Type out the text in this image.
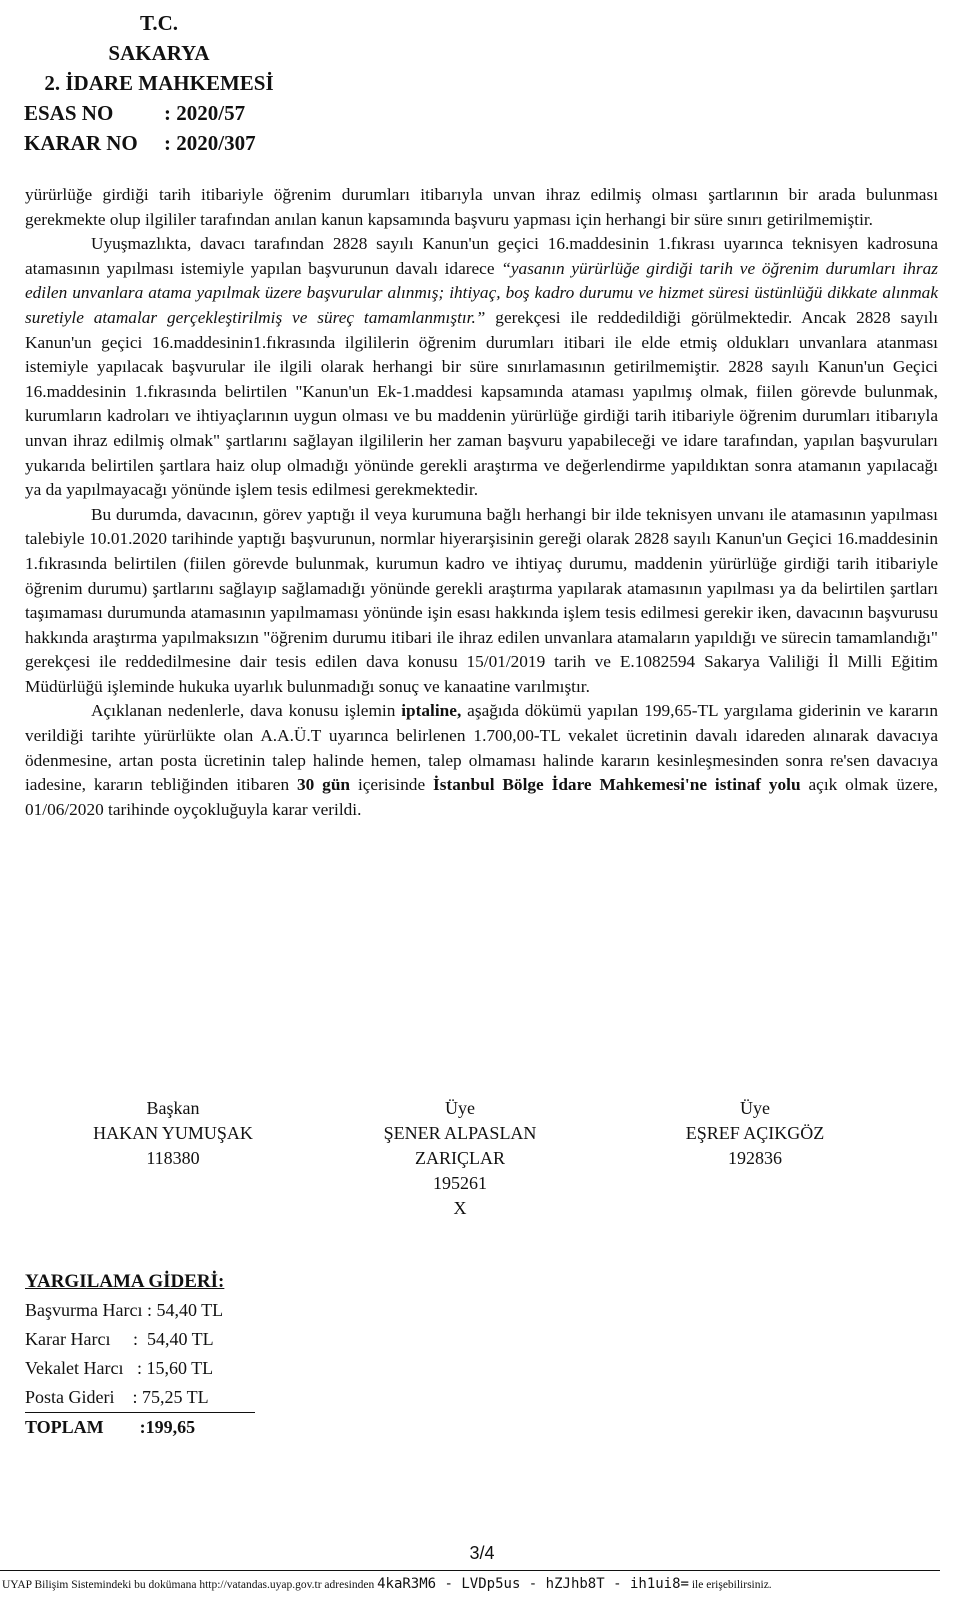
T.C.
SAKARYA
2. İDARE MAHKEMESİ
ESAS NO : 2020/57
KARAR NO : 2020/307

yürürlüğe girdiği tarih itibariyle öğrenim durumları itibarıyla unvan ihraz edilmiş olması şartlarının bir arada bulunması gerekmekte olup ilgililer tarafından anılan kanun kapsamında başvuru yapması için herhangi bir süre sınırı getirilmemiştir.

Uyuşmazlıkta, davacı tarafından 2828 sayılı Kanun'un geçici 16.maddesinin 1.fıkrası uyarınca teknisyen kadrosuna atamasının yapılması istemiyle yapılan başvurunun davalı idarece “yasanın yürürlüğe girdiği tarih ve öğrenim durumları ihraz edilen unvanlara atama yapılmak üzere başvurular alınmış; ihtiyaç, boş kadro durumu ve hizmet süresi üstünlüğü dikkate alınmak suretiyle atamalar gerçekleştirilmiş ve süreç tamamlanmıştır.” gerekçesi ile reddedildiği görülmektedir. Ancak 2828 sayılı Kanun'un geçici 16.maddesinin1.fıkrasında ilgililerin öğrenim durumları itibari ile elde etmiş oldukları unvanlara atanması istemiyle yapılacak başvurular ile ilgili olarak herhangi bir süre sınırlamasının getirilmemiştir. 2828 sayılı Kanun'un Geçici 16.maddesinin 1.fıkrasında belirtilen "Kanun'un Ek-1.maddesi kapsamında ataması yapılmış olmak, fiilen görevde bulunmak, kurumların kadroları ve ihtiyaçlarının uygun olması ve bu maddenin yürürlüğe girdiği tarih itibariyle öğrenim durumları itibarıyla unvan ihraz edilmiş olmak" şartlarını sağlayan ilgililerin her zaman başvuru yapabileceği ve idare tarafından, yapılan başvuruları yukarıda belirtilen şartlara haiz olup olmadığı yönünde gerekli araştırma ve değerlendirme yapıldıktan sonra atamanın yapılacağı ya da yapılmayacağı yönünde işlem tesis edilmesi gerekmektedir.

Bu durumda, davacının, görev yaptığı il veya kurumuna bağlı herhangi bir ilde teknisyen unvanı ile atamasının yapılması talebiyle 10.01.2020 tarihinde yaptığı başvurunun, normlar hiyerarşisinin gereği olarak 2828 sayılı Kanun'un Geçici 16.maddesinin 1.fıkrasında belirtilen (fiilen görevde bulunmak, kurumun kadro ve ihtiyaç durumu, maddenin yürürlüğe girdiği tarih itibariyle öğrenim durumu) şartlarını sağlayıp sağlamadığı yönünde gerekli araştırma yapılarak atamasının yapılması ya da belirtilen şartları taşımaması durumunda atamasının yapılmaması yönünde işin esası hakkında işlem tesis edilmesi gerekir iken, davacının başvurusu hakkında araştırma yapılmaksızın "öğrenim durumu itibari ile ihraz edilen unvanlara atamaların yapıldığı ve sürecin tamamlandığı" gerekçesi ile reddedilmesine dair tesis edilen dava konusu 15/01/2019 tarih ve E.1082594 Sakarya Valiliği İl Milli Eğitim Müdürlüğü işleminde hukuka uyarlık bulunmadığı sonuç ve kanaatine varılmıştır.

Açıklanan nedenlerle, dava konusu işlemin iptaline, aşağıda dökümü yapılan 199,65-TL yargılama giderinin ve kararın verildiği tarihte yürürlükte olan A.A.Ü.T uyarınca belirlenen 1.700,00-TL vekalet ücretinin davalı idareden alınarak davacıya ödenmesine, artan posta ücretinin talep halinde hemen, talep olmaması halinde kararın kesinleşmesinden sonra re'sen davacıya iadesine, kararın tebliğinden itibaren 30 gün içerisinde İstanbul Bölge İdare Mahkemesi'ne istinaf yolu açık olmak üzere, 01/06/2020 tarihinde oyçokluğuyla karar verildi.

Başkan
HAKAN YUMUŞAK
118380
Üye
ŞENER ALPASLAN
ZARIÇLAR
195261
X
Üye
EŞREF AÇIKGÖZ
192836
YARGILAMA GİDERİ:
Başvurma Harcı : 54,40 TL
Karar Harcı     :  54,40 TL
Vekalet Harcı   : 15,60 TL
Posta Gideri    : 75,25 TL
TOPLAM        :199,65
3/4
UYAP Bilişim Sistemindeki bu dokümana http://vatandas.uyap.gov.tr adresinden 4kaR3M6 - LVDp5us - hZJhb8T - ih1ui8= ile erişebilirsiniz.
